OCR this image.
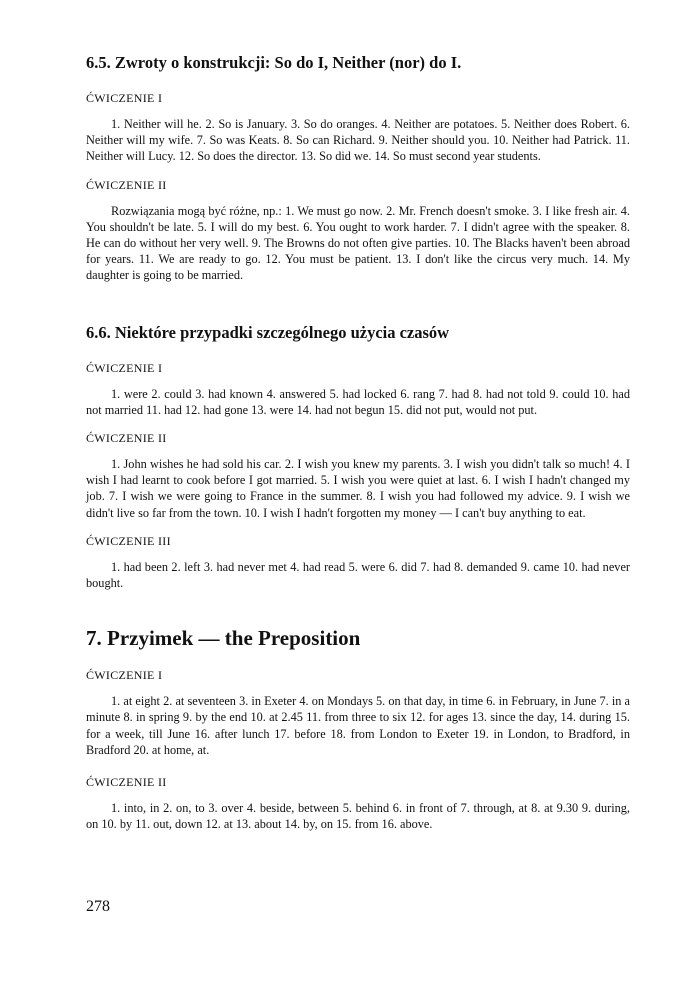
6.5. Zwroty o konstrukcji: So do I, Neither (nor) do I.
ĆWICZENIE I

1. Neither will he. 2. So is January. 3. So do oranges. 4. Neither are potatoes. 5. Neither does Robert. 6. Neither will my wife. 7. So was Keats. 8. So can Richard. 9. Neither should you. 10. Neither had Patrick. 11. Neither will Lucy. 12. So does the director. 13. So did we. 14. So must second year students.

ĆWICZENIE II

Rozwiązania mogą być różne, np.: 1. We must go now. 2. Mr. French doesn't smoke. 3. I like fresh air. 4. You shouldn't be late. 5. I will do my best. 6. You ought to work harder. 7. I didn't agree with the speaker. 8. He can do without her very well. 9. The Browns do not often give parties. 10. The Blacks haven't been abroad for years. 11. We are ready to go. 12. You must be patient. 13. I don't like the circus very much. 14. My daughter is going to be married.

6.6. Niektóre przypadki szczególnego użycia czasów
ĆWICZENIE I

1. were 2. could 3. had known 4. answered 5. had locked 6. rang 7. had 8. had not told 9. could 10. had not married 11. had 12. had gone 13. were 14. had not begun 15. did not put, would not put.

ĆWICZENIE II

1. John wishes he had sold his car. 2. I wish you knew my parents. 3. I wish you didn't talk so much! 4. I wish I had learnt to cook before I got married. 5. I wish you were quiet at last. 6. I wish I hadn't changed my job. 7. I wish we were going to France in the summer. 8. I wish you had followed my advice. 9. I wish we didn't live so far from the town. 10. I wish I hadn't forgotten my money — I can't buy anything to eat.

ĆWICZENIE III

1. had been 2. left 3. had never met 4. had read 5. were 6. did 7. had 8. demanded 9. came 10. had never bought.

7. Przyimek — the Preposition
ĆWICZENIE I

1. at eight 2. at seventeen 3. in Exeter 4. on Mondays 5. on that day, in time 6. in February, in June 7. in a minute 8. in spring 9. by the end 10. at 2.45 11. from three to six 12. for ages 13. since the day, 14. during 15. for a week, till June 16. after lunch 17. before 18. from London to Exeter 19. in London, to Bradford, in Bradford 20. at home, at.

ĆWICZENIE II

1. into, in 2. on, to 3. over 4. beside, between 5. behind 6. in front of 7. through, at 8. at 9.30 9. during, on 10. by 11. out, down 12. at 13. about 14. by, on 15. from 16. above.

278
